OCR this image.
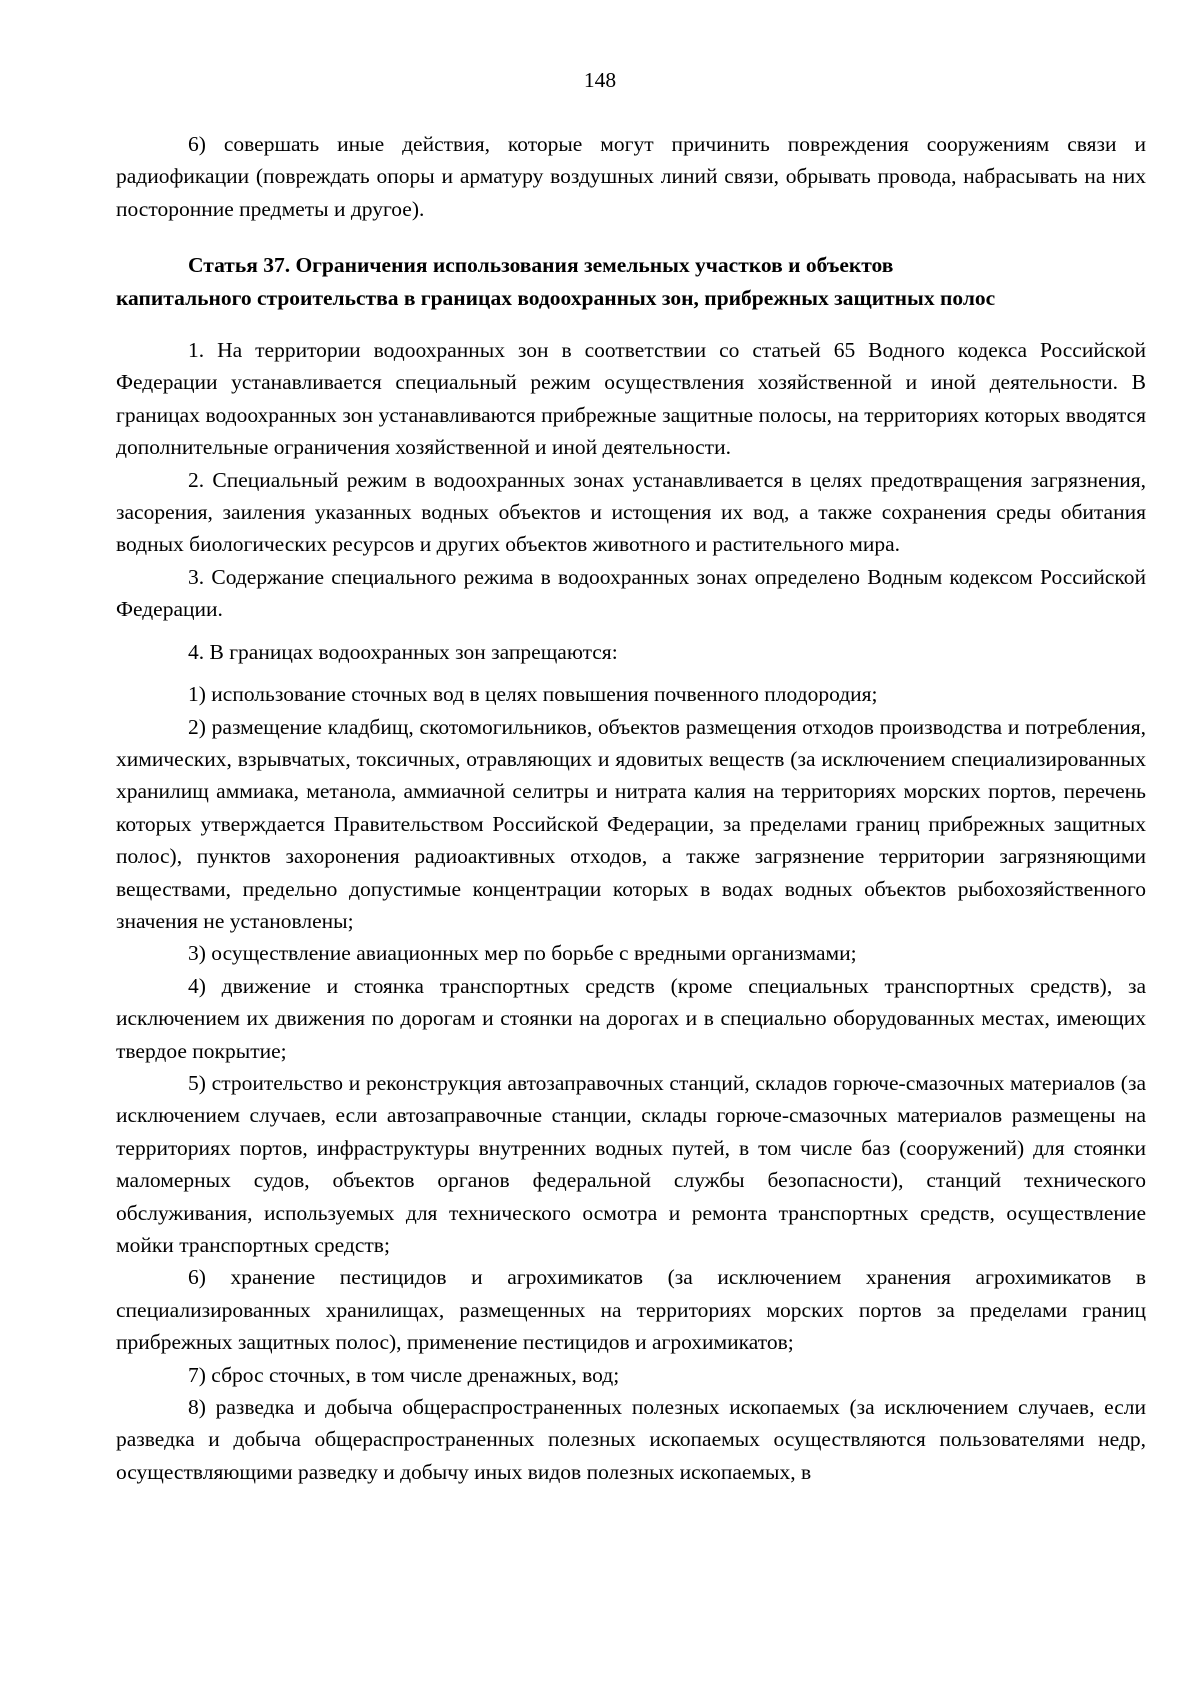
148

6) совершать иные действия, которые могут причинить повреждения сооружениям связи и радиофикации (повреждать опоры и арматуру воздушных линий связи, обрывать провода, набрасывать на них посторонние предметы и другое).

Статья 37. Ограничения использования земельных участков и объектов
капитального строительства в границах водоохранных зон, прибрежных защитных полос

1. На территории водоохранных зон в соответствии со статьей 65 Водного кодекса Российской Федерации устанавливается специальный режим осуществления хозяйственной и иной деятельности. В границах водоохранных зон устанавливаются прибрежные защитные полосы, на территориях которых вводятся дополнительные ограничения хозяйственной и иной деятельности.

2. Специальный режим в водоохранных зонах устанавливается в целях предотвращения загрязнения, засорения, заиления указанных водных объектов и истощения их вод, а также сохранения среды обитания водных биологических ресурсов и других объектов животного и растительного мира.

3. Содержание специального режима в водоохранных зонах определено Водным кодексом Российской Федерации.

4. В границах водоохранных зон запрещаются:

1) использование сточных вод в целях повышения почвенного плодородия;

2) размещение кладбищ, скотомогильников, объектов размещения отходов производства и потребления, химических, взрывчатых, токсичных, отравляющих и ядовитых веществ (за исключением специализированных хранилищ аммиака, метанола, аммиачной селитры и нитрата калия на территориях морских портов, перечень которых утверждается Правительством Российской Федерации, за пределами границ прибрежных защитных полос), пунктов захоронения радиоактивных отходов, а также загрязнение территории загрязняющими веществами, предельно допустимые концентрации которых в водах водных объектов рыбохозяйственного значения не установлены;

3) осуществление авиационных мер по борьбе с вредными организмами;

4) движение и стоянка транспортных средств (кроме специальных транспортных средств), за исключением их движения по дорогам и стоянки на дорогах и в специально оборудованных местах, имеющих твердое покрытие;

5) строительство и реконструкция автозаправочных станций, складов горюче-смазочных материалов (за исключением случаев, если автозаправочные станции, склады горюче-смазочных материалов размещены на территориях портов, инфраструктуры внутренних водных путей, в том числе баз (сооружений) для стоянки маломерных судов, объектов органов федеральной службы безопасности), станций технического обслуживания, используемых для технического осмотра и ремонта транспортных средств, осуществление мойки транспортных средств;

6) хранение пестицидов и агрохимикатов (за исключением хранения агрохимикатов в специализированных хранилищах, размещенных на территориях морских портов за пределами границ прибрежных защитных полос), применение пестицидов и агрохимикатов;

7) сброс сточных, в том числе дренажных, вод;

8) разведка и добыча общераспространенных полезных ископаемых (за исключением случаев, если разведка и добыча общераспространенных полезных ископаемых осуществляются пользователями недр, осуществляющими разведку и добычу иных видов полезных ископаемых, в
